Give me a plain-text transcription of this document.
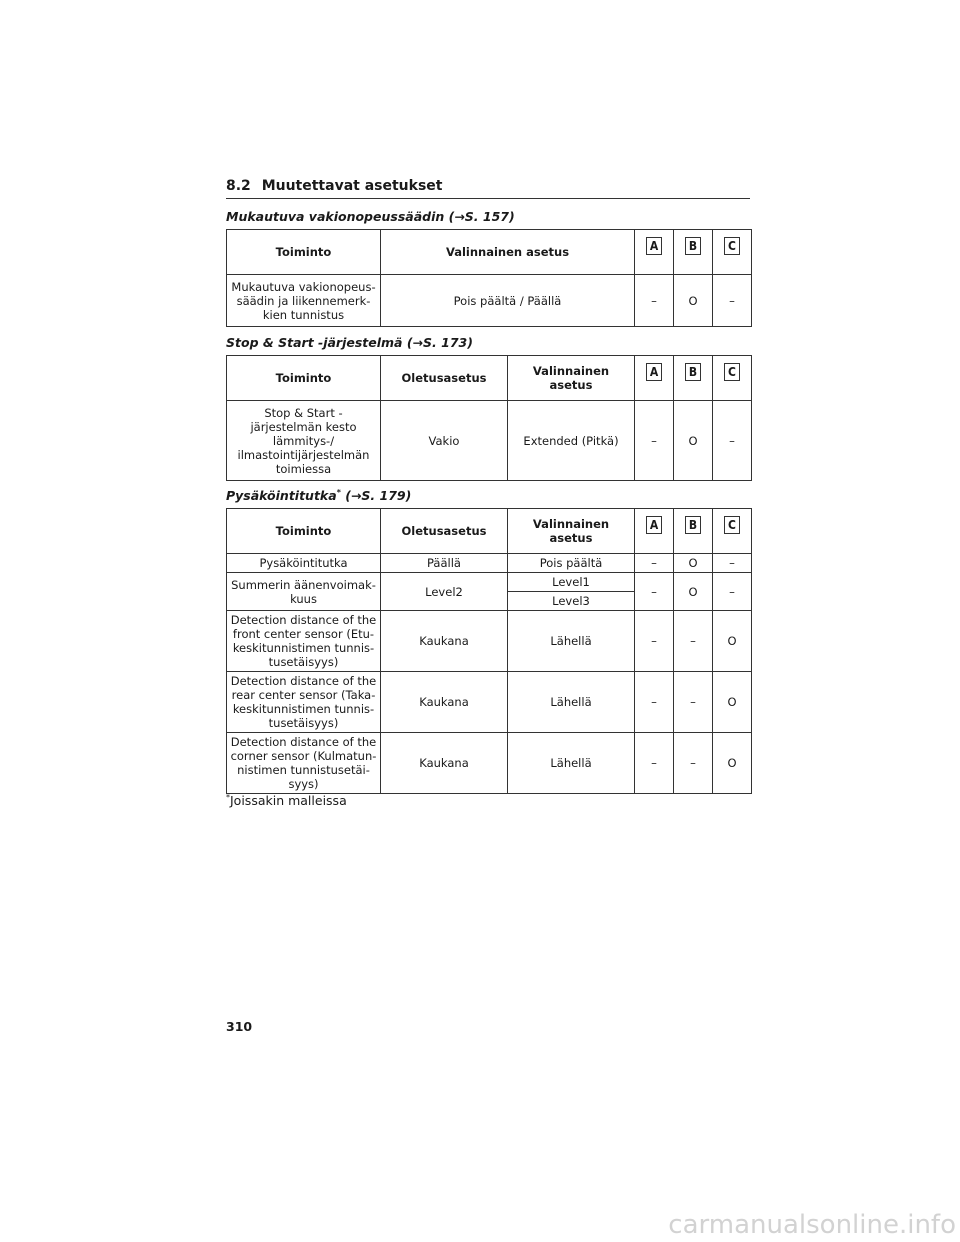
8.2 Muutettavat asetukset
Mukautuva vakionopeussäädin (→S. 157)
Toiminto	Valinnainen asetus	A	B	C

Mukautuva vakionopeus-säädin ja liikennemerk-kien tunnistus	Pois päältä / Päällä	–	O	–
Stop & Start -järjestelmä (→S. 173)
Toiminto	Oletusasetus	Valinnainen asetus	A	B	C

Stop & Start -järjestelmän kesto lämmitys-/ ilmastointijärjestelmän toimiessa	Vakio	Extended (Pitkä)	–	O	–
Pysäköintitutka* (→S. 179)
Toiminto	Oletusasetus	Valinnainen asetus	A	B	C

Pysäköintitutka	Päällä	Pois päältä	–	O	–
Summerin äänenvoimak-kuus	Level2	Level1	–	O	–
		Level3			
Detection distance of the front center sensor (Etu-keskitunnistimen tunnis-tusetäisyys)	Kaukana	Lähellä	–	–	O
Detection distance of the rear center sensor (Taka-keskitunnistimen tunnis-tusetäisyys)	Kaukana	Lähellä	–	–	O
Detection distance of the corner sensor (Kulmatun-nistimen tunnistusetäi-syys)	Kaukana	Lähellä	–	–	O
*Joissakin malleissa
310
carmanualsonline.info
